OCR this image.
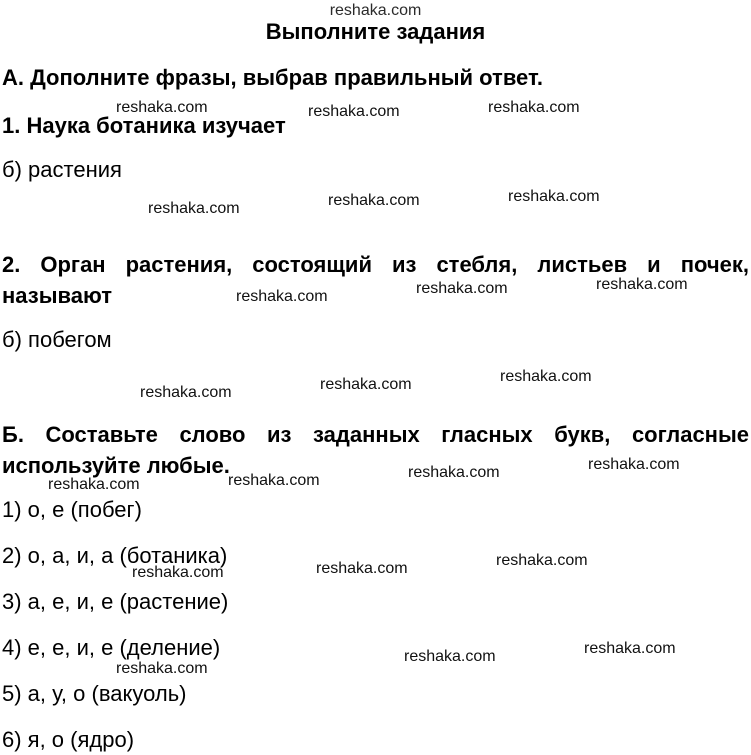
reshaka.com
Выполните задания
А. Дополните фразы, выбрав правильный ответ.
1. Наука ботаника изучает
б) растения
2. Орган растения, состоящий из стебля, листьев и почек, называют
б) побегом
Б. Составьте слово из заданных гласных букв, согласные используйте любые.
1) о, е (побег)
2) о, а, и, а (ботаника)
3) а, е, и, е (растение)
4) е, е, и, е (деление)
5) а, у, о (вакуоль)
6) я, о (ядро)
reshaka.com	reshaka.com	reshaka.com
reshaka.com	reshaka.com	reshaka.com
reshaka.com	reshaka.com	reshaka.com
reshaka.com	reshaka.com	reshaka.com
reshaka.com	reshaka.com	reshaka.com	reshaka.com
reshaka.com	reshaka.com	reshaka.com
reshaka.com
reshaka.com	reshaka.com
